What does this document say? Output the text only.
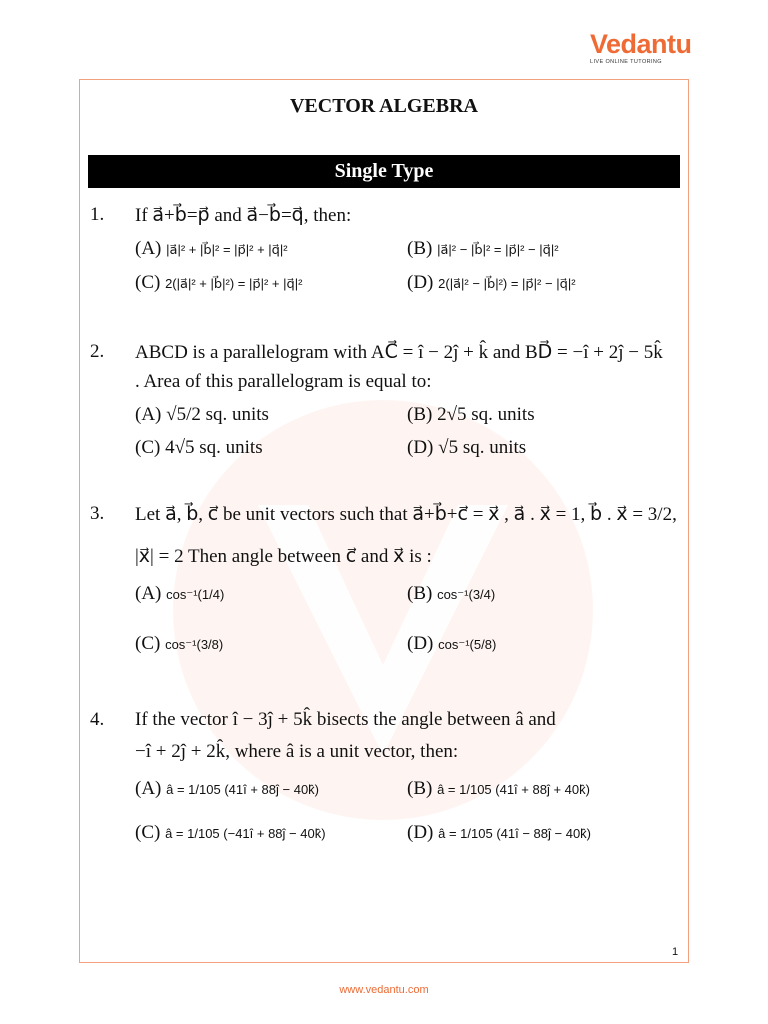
Vedantu
LIVE ONLINE TUTORING
VECTOR ALGEBRA
Single Type
1. If a⃗+b⃗=p⃗ and a⃗−b⃗=q⃗, then:
(A) |a⃗|² + |b⃗|² = |p⃗|² + |q⃗|²	(B) |a⃗|² − |b⃗|² = |p⃗|² − |q⃗|²
(C) 2(|a⃗|² + |b⃗|²) = |p⃗|² + |q⃗|²	(D) 2(|a⃗|² − |b⃗|²) = |p⃗|² − |q⃗|²
2. ABCD is a parallelogram with AC⃗ = î − 2ĵ + k̂ and BD⃗ = −î + 2ĵ − 5k̂
. Area of this parallelogram is equal to:
(A) √5/2 sq. units	(B) 2√5 sq. units
(C) 4√5 sq. units	(D) √5 sq. units
3. Let a⃗, b⃗, c⃗ be unit vectors such that a⃗+b⃗+c⃗ = x⃗ , a⃗ . x⃗ = 1, b⃗ . x⃗ = 3/2,
|x⃗| = 2 Then angle between c⃗ and x⃗ is :
(A) cos⁻¹(1/4)	(B) cos⁻¹(3/4)
(C) cos⁻¹(3/8)	(D) cos⁻¹(5/8)
4. If the vector î − 3ĵ + 5k̂ bisects the angle between â and
−î + 2ĵ + 2k̂, where â is a unit vector, then:
(A) â = 1/105 (41î + 88ĵ − 40k̂)	(B) â = 1/105 (41î + 88ĵ + 40k̂)
(C) â = 1/105 (−41î + 88ĵ − 40k̂)	(D) â = 1/105 (41î − 88ĵ − 40k̂)
1
www.vedantu.com
